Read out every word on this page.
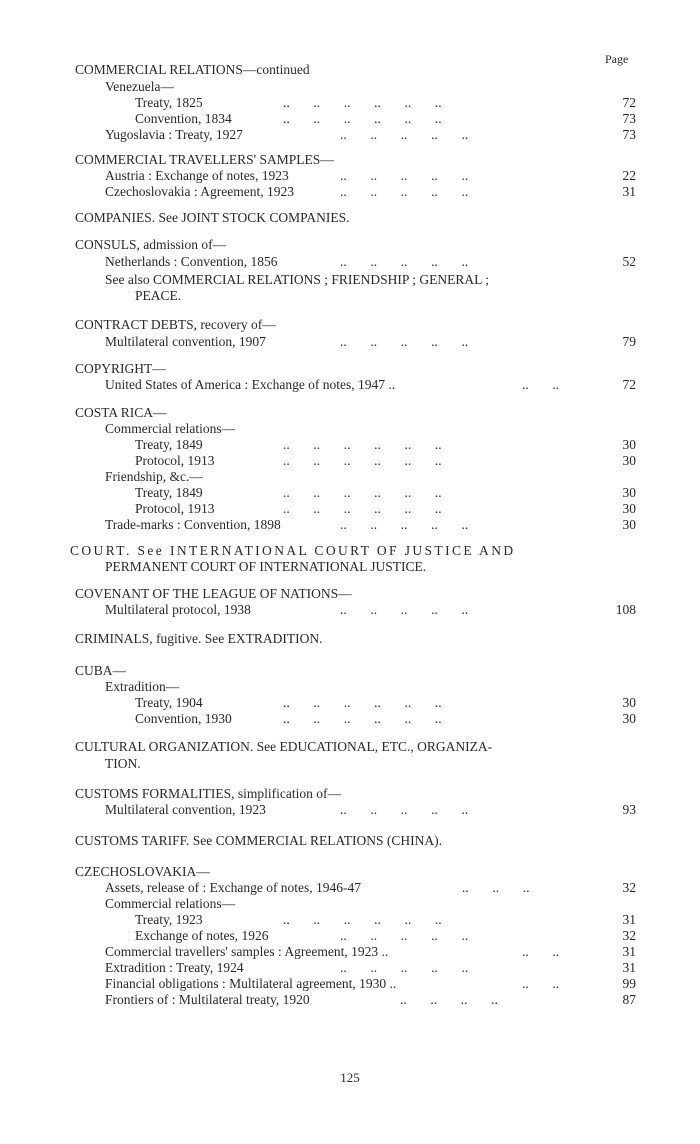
Page
COMMERCIAL RELATIONS—continued
Venezuela—
Treaty, 1825	..       ..       ..       ..       ..       ..	72
Convention, 1834	..       ..       ..       ..       ..       ..	73
Yugoslavia : Treaty, 1927	..       ..       ..       ..       ..	73
COMMERCIAL TRAVELLERS' SAMPLES—
Austria : Exchange of notes, 1923	..       ..       ..       ..       ..	22
Czechoslovakia : Agreement, 1923	..       ..       ..       ..       ..	31
COMPANIES. See JOINT STOCK COMPANIES.
CONSULS, admission of—
Netherlands : Convention, 1856	..       ..       ..       ..       ..	52
See also COMMERCIAL RELATIONS ; FRIENDSHIP ; GENERAL ;
PEACE.
CONTRACT DEBTS, recovery of—
Multilateral convention, 1907	..       ..       ..       ..       ..	79
COPYRIGHT—
United States of America : Exchange of notes, 1947 ..	..       ..	72
COSTA RICA—
Commercial relations—
Treaty, 1849	..       ..       ..       ..       ..       ..	30
Protocol, 1913	..       ..       ..       ..       ..       ..	30
Friendship, &c.—
Treaty, 1849	..       ..       ..       ..       ..       ..	30
Protocol, 1913	..       ..       ..       ..       ..       ..	30
Trade-marks : Convention, 1898	..       ..       ..       ..       ..	30
COURT. See INTERNATIONAL COURT OF JUSTICE AND
PERMANENT COURT OF INTERNATIONAL JUSTICE.
COVENANT OF THE LEAGUE OF NATIONS—
Multilateral protocol, 1938	..       ..       ..       ..       ..	108
CRIMINALS, fugitive. See EXTRADITION.
CUBA—
Extradition—
Treaty, 1904	..       ..       ..       ..       ..       ..	30
Convention, 1930	..       ..       ..       ..       ..       ..	30
CULTURAL ORGANIZATION. See EDUCATIONAL, ETC., ORGANIZA-
TION.
CUSTOMS FORMALITIES, simplification of—
Multilateral convention, 1923	..       ..       ..       ..       ..	93
CUSTOMS TARIFF. See COMMERCIAL RELATIONS (CHINA).
CZECHOSLOVAKIA—
Assets, release of : Exchange of notes, 1946-47	..       ..       ..	32
Commercial relations—
Treaty, 1923	..       ..       ..       ..       ..       ..	31
Exchange of notes, 1926	..       ..       ..       ..       ..	32
Commercial travellers' samples : Agreement, 1923 ..	..       ..	31
Extradition : Treaty, 1924	..       ..       ..       ..       ..	31
Financial obligations : Multilateral agreement, 1930 ..	..       ..	99
Frontiers of : Multilateral treaty, 1920	..       ..       ..       ..	87
125
